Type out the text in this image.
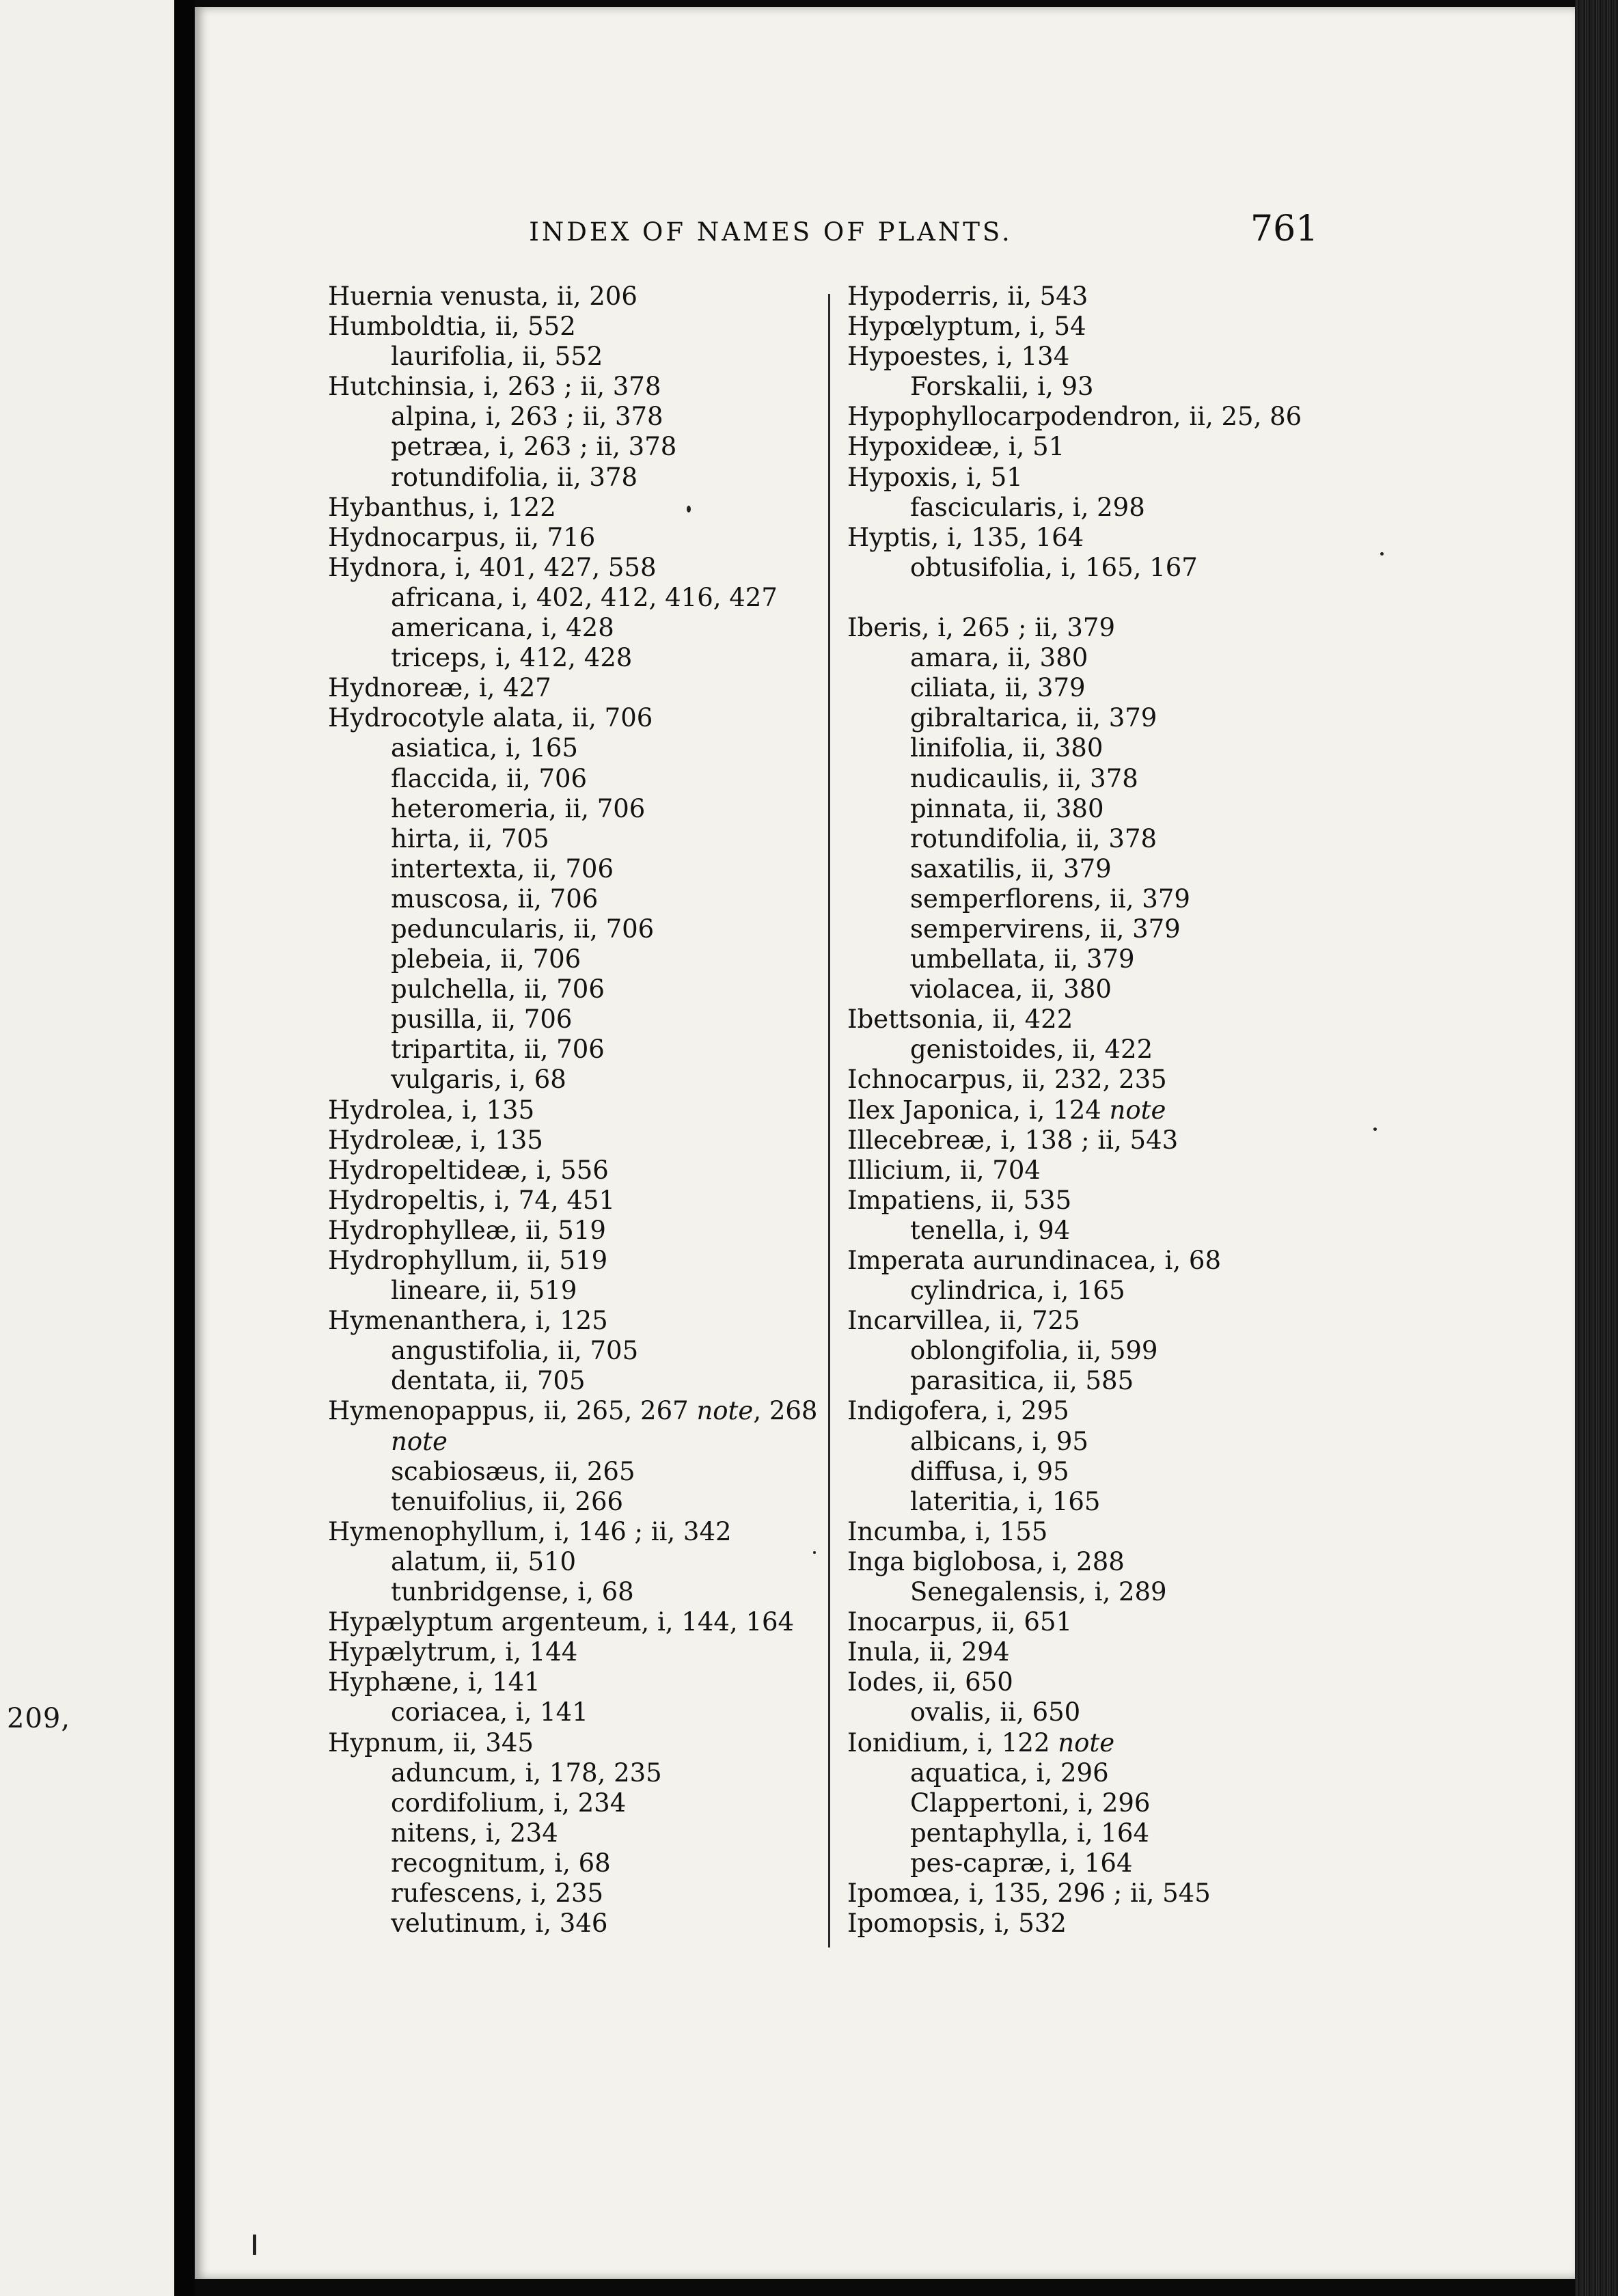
209,
INDEX OF NAMES OF PLANTS.	761
Huernia venusta, ii, 206
Humboldtia, ii, 552
laurifolia, ii, 552
Hutchinsia, i, 263 ; ii, 378
alpina, i, 263 ; ii, 378
petræa, i, 263 ; ii, 378
rotundifolia, ii, 378
Hybanthus, i, 122
Hydnocarpus, ii, 716
Hydnora, i, 401, 427, 558
africana, i, 402, 412, 416, 427
americana, i, 428
triceps, i, 412, 428
Hydnoreæ, i, 427
Hydrocotyle alata, ii, 706
asiatica, i, 165
flaccida, ii, 706
heteromeria, ii, 706
hirta, ii, 705
intertexta, ii, 706
muscosa, ii, 706
peduncularis, ii, 706
plebeia, ii, 706
pulchella, ii, 706
pusilla, ii, 706
tripartita, ii, 706
vulgaris, i, 68
Hydrolea, i, 135
Hydroleæ, i, 135
Hydropeltideæ, i, 556
Hydropeltis, i, 74, 451
Hydrophylleæ, ii, 519
Hydrophyllum, ii, 519
lineare, ii, 519
Hymenanthera, i, 125
angustifolia, ii, 705
dentata, ii, 705
Hymenopappus, ii, 265, 267 note, 268
note
scabiosæus, ii, 265
tenuifolius, ii, 266
Hymenophyllum, i, 146 ; ii, 342
alatum, ii, 510
tunbridgense, i, 68
Hypælyptum argenteum, i, 144, 164
Hypælytrum, i, 144
Hyphæne, i, 141
coriacea, i, 141
Hypnum, ii, 345
aduncum, i, 178, 235
cordifolium, i, 234
nitens, i, 234
recognitum, i, 68
rufescens, i, 235
velutinum, i, 346
Hypoderris, ii, 543
Hypœlyptum, i, 54
Hypoestes, i, 134
Forskalii, i, 93
Hypophyllocarpodendron, ii, 25, 86
Hypoxideæ, i, 51
Hypoxis, i, 51
fascicularis, i, 298
Hyptis, i, 135, 164
obtusifolia, i, 165, 167
Iberis, i, 265 ; ii, 379
amara, ii, 380
ciliata, ii, 379
gibraltarica, ii, 379
linifolia, ii, 380
nudicaulis, ii, 378
pinnata, ii, 380
rotundifolia, ii, 378
saxatilis, ii, 379
semperflorens, ii, 379
sempervirens, ii, 379
umbellata, ii, 379
violacea, ii, 380
Ibettsonia, ii, 422
genistoides, ii, 422
Ichnocarpus, ii, 232, 235
Ilex Japonica, i, 124 note
Illecebreæ, i, 138 ; ii, 543
Illicium, ii, 704
Impatiens, ii, 535
tenella, i, 94
Imperata aurundinacea, i, 68
cylindrica, i, 165
Incarvillea, ii, 725
oblongifolia, ii, 599
parasitica, ii, 585
Indigofera, i, 295
albicans, i, 95
diffusa, i, 95
lateritia, i, 165
Incumba, i, 155
Inga biglobosa, i, 288
Senegalensis, i, 289
Inocarpus, ii, 651
Inula, ii, 294
Iodes, ii, 650
ovalis, ii, 650
Ionidium, i, 122 note
aquatica, i, 296
Clappertoni, i, 296
pentaphylla, i, 164
pes-capræ, i, 164
Ipomœa, i, 135, 296 ; ii, 545
Ipomopsis, i, 532
